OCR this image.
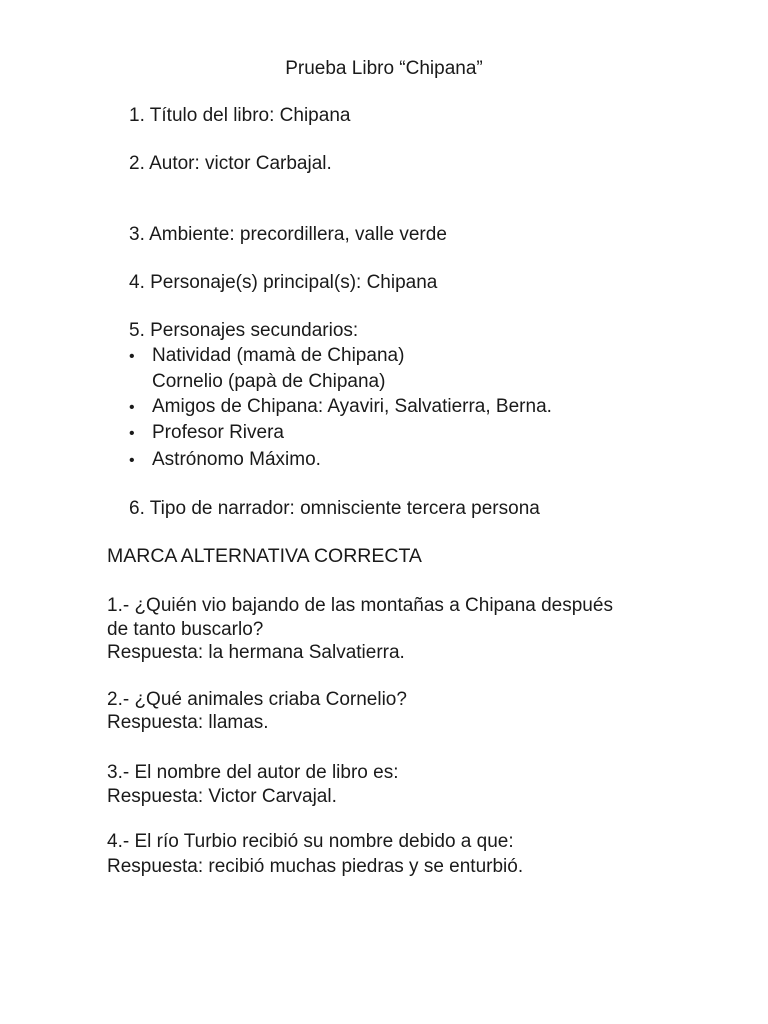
Prueba Libro “Chipana”
1. Título del libro: Chipana
2. Autor: victor Carbajal.
3. Ambiente: precordillera, valle verde
4. Personaje(s) principal(s): Chipana
5. Personajes secundarios:
• Natividad (mamà de Chipana)
Cornelio (papà de Chipana)
• Amigos de Chipana: Ayaviri, Salvatierra, Berna.
• Profesor Rivera
• Astrónomo Máximo.
6. Tipo de narrador: omnisciente tercera persona
MARCA ALTERNATIVA CORRECTA
1.- ¿Quién vio bajando de las montañas a Chipana después
de tanto buscarlo?
Respuesta: la hermana Salvatierra.
2.- ¿Qué animales criaba Cornelio?
Respuesta: llamas.
3.- El nombre del autor de libro es:
Respuesta: Victor Carvajal.
4.- El río Turbio recibió su nombre debido a que:
Respuesta: recibió muchas piedras y se enturbió.
